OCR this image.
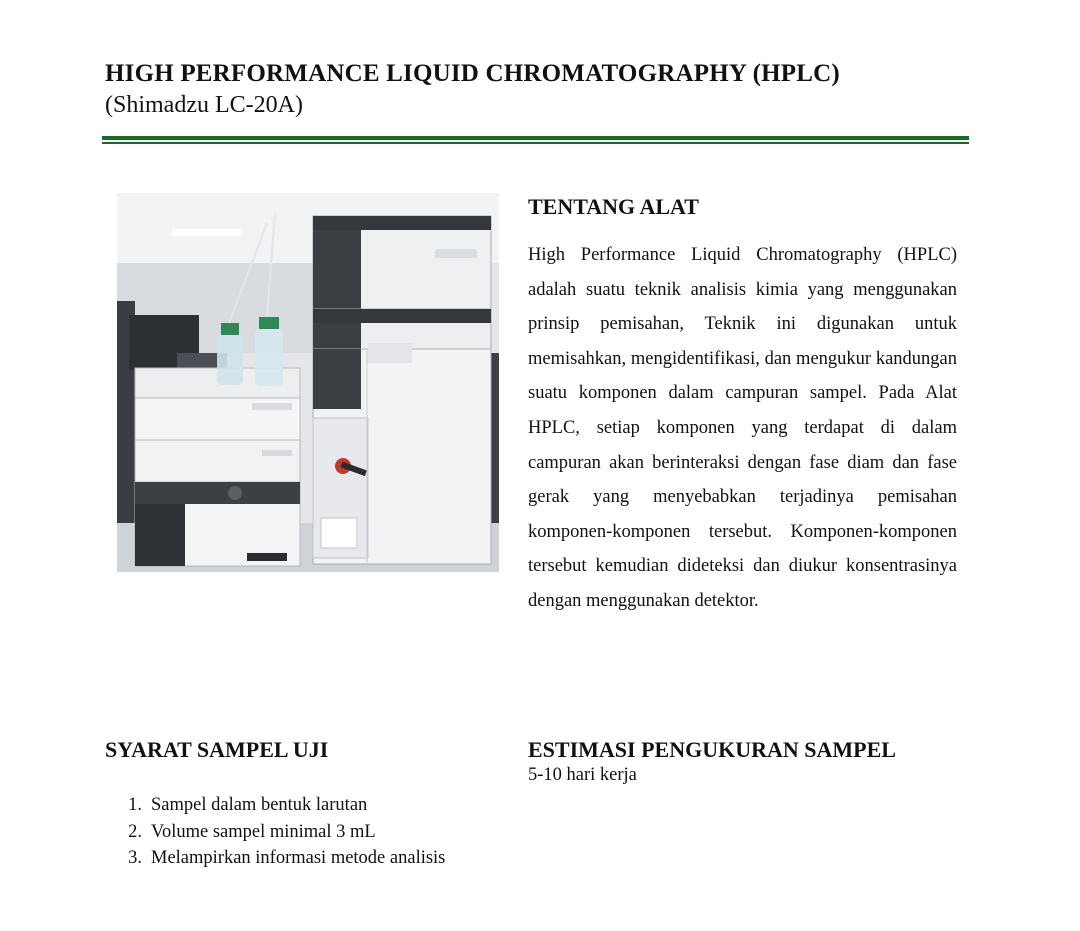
HIGH PERFORMANCE LIQUID CHROMATOGRAPHY (HPLC)

(Shimadzu LC-20A)

TENTANG ALAT

High Performance Liquid Chromatography (HPLC) adalah suatu teknik analisis kimia yang menggunakan prinsip pemisahan, Teknik ini digunakan untuk memisahkan, mengidentifikasi, dan mengukur kandungan suatu komponen dalam campuran sampel. Pada Alat HPLC, setiap komponen yang terdapat di dalam campuran akan berinteraksi dengan fase diam dan fase gerak yang menyebabkan terjadinya pemisahan komponen-komponen tersebut. Komponen-komponen tersebut kemudian dideteksi dan diukur konsentrasinya dengan menggunakan detektor.

SYARAT SAMPEL UJI
1. Sampel dalam bentuk larutan
2. Volume sampel minimal 3 mL
3. Melampirkan informasi metode analisis
ESTIMASI PENGUKURAN SAMPEL

5-10 hari kerja
